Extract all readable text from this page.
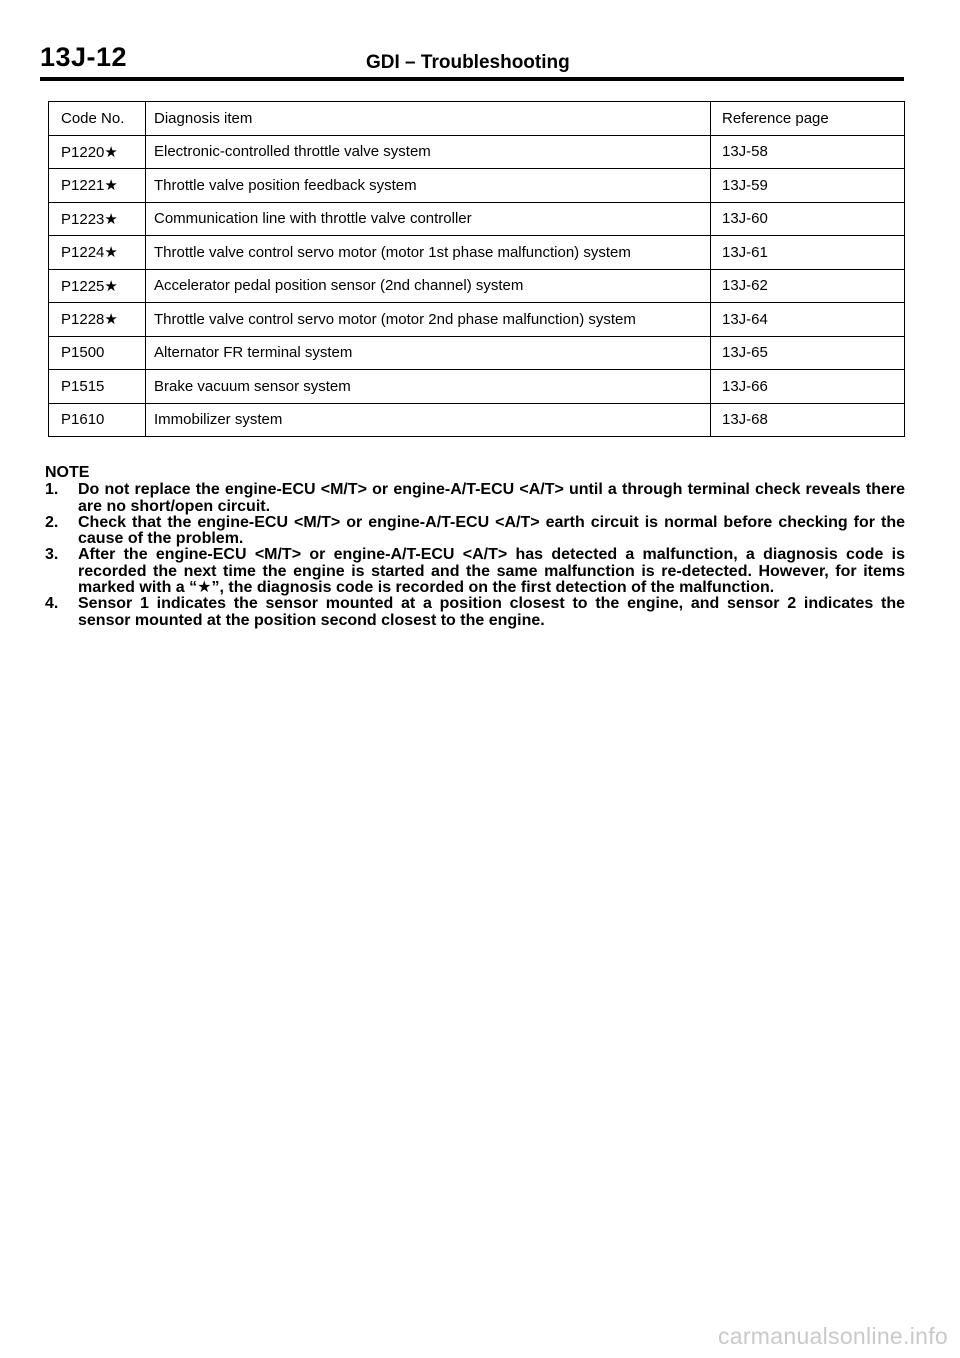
13J-12	GDI – Troubleshooting
Code No.	Diagnosis item	Reference page
P1220★	Electronic-controlled throttle valve system	13J-58
P1221★	Throttle valve position feedback system	13J-59
P1223★	Communication line with throttle valve controller	13J-60
P1224★	Throttle valve control servo motor (motor 1st phase malfunction) system	13J-61
P1225★	Accelerator pedal position sensor (2nd channel) system	13J-62
P1228★	Throttle valve control servo motor (motor 2nd phase malfunction) system	13J-64
P1500	Alternator FR terminal system	13J-65
P1515	Brake vacuum sensor system	13J-66
P1610	Immobilizer system	13J-68
NOTE
1.	Do not replace the engine-ECU <M/T> or engine-A/T-ECU <A/T> until a through terminal check reveals there are no short/open circuit.
2.	Check that the engine-ECU <M/T> or engine-A/T-ECU <A/T> earth circuit is normal before checking for the cause of the problem.
3.	After the engine-ECU <M/T> or engine-A/T-ECU <A/T> has detected a malfunction, a diagnosis code is recorded the next time the engine is started and the same malfunction is re-detected. However, for items marked with a “★”, the diagnosis code is recorded on the first detection of the malfunction.
4.	Sensor 1 indicates the sensor mounted at a position closest to the engine, and sensor 2 indicates the sensor mounted at the position second closest to the engine.
carmanualsonline.info
